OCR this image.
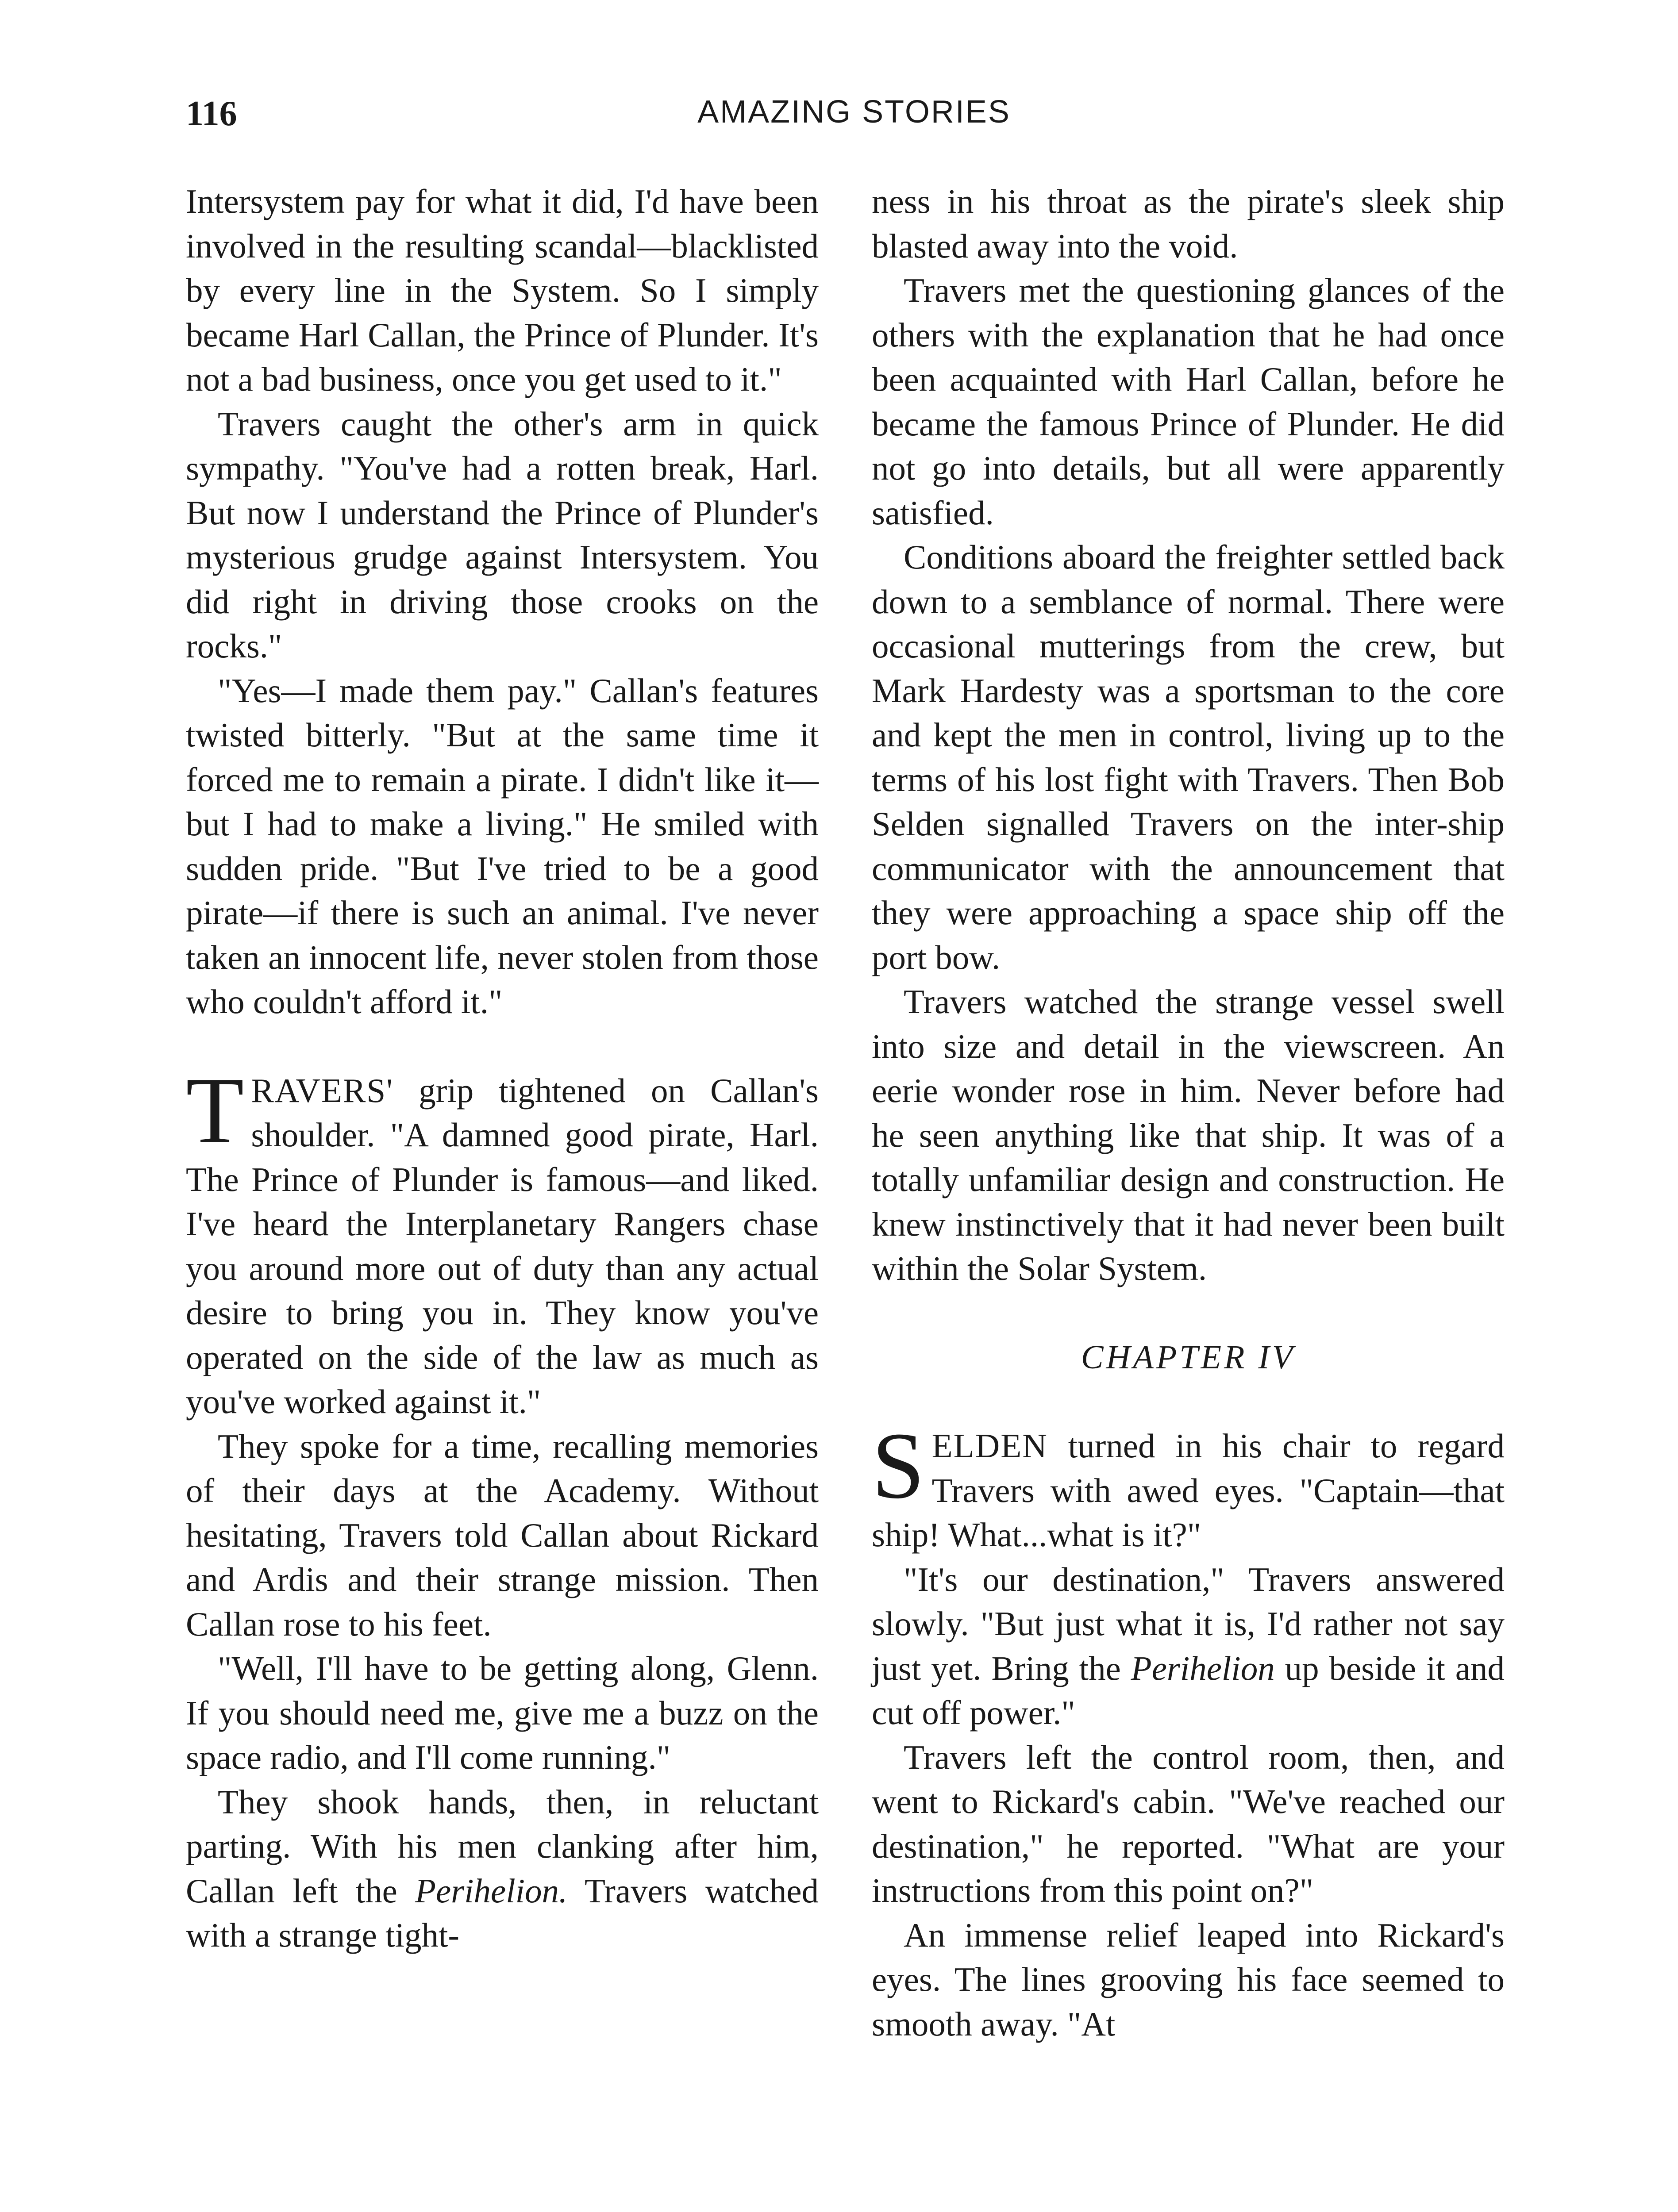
116	AMAZING STORIES

Intersystem pay for what it did, I'd have been involved in the resulting scandal—blacklisted by every line in the System. So I simply became Harl Callan, the Prince of Plunder. It's not a bad business, once you get used to it."

Travers caught the other's arm in quick sympathy. "You've had a rotten break, Harl. But now I understand the Prince of Plunder's mysterious grudge against Intersystem. You did right in driving those crooks on the rocks."

"Yes—I made them pay." Callan's features twisted bitterly. "But at the same time it forced me to remain a pirate. I didn't like it—but I had to make a living." He smiled with sudden pride. "But I've tried to be a good pirate—if there is such an animal. I've never taken an innocent life, never stolen from those who couldn't afford it."

TRAVERS' grip tightened on Callan's shoulder. "A damned good pirate, Harl. The Prince of Plunder is famous—and liked. I've heard the Interplanetary Rangers chase you around more out of duty than any actual desire to bring you in. They know you've operated on the side of the law as much as you've worked against it."

They spoke for a time, recalling memories of their days at the Academy. Without hesitating, Travers told Callan about Rickard and Ardis and their strange mission. Then Callan rose to his feet.

"Well, I'll have to be getting along, Glenn. If you should need me, give me a buzz on the space radio, and I'll come running."

They shook hands, then, in reluctant parting. With his men clanking after him, Callan left the Perihelion. Travers watched with a strange tight-

ness in his throat as the pirate's sleek ship blasted away into the void.

Travers met the questioning glances of the others with the explanation that he had once been acquainted with Harl Callan, before he became the famous Prince of Plunder. He did not go into details, but all were apparently satisfied.

Conditions aboard the freighter settled back down to a semblance of normal. There were occasional mutterings from the crew, but Mark Hardesty was a sportsman to the core and kept the men in control, living up to the terms of his lost fight with Travers. Then Bob Selden signalled Travers on the inter-ship communicator with the announcement that they were approaching a space ship off the port bow.

Travers watched the strange vessel swell into size and detail in the viewscreen. An eerie wonder rose in him. Never before had he seen anything like that ship. It was of a totally unfamiliar design and construction. He knew instinctively that it had never been built within the Solar System.

CHAPTER IV

SELDEN turned in his chair to regard Travers with awed eyes. "Captain—that ship! What...what is it?"

"It's our destination," Travers answered slowly. "But just what it is, I'd rather not say just yet. Bring the Perihelion up beside it and cut off power."

Travers left the control room, then, and went to Rickard's cabin. "We've reached our destination," he reported. "What are your instructions from this point on?"

An immense relief leaped into Rickard's eyes. The lines grooving his face seemed to smooth away. "At
